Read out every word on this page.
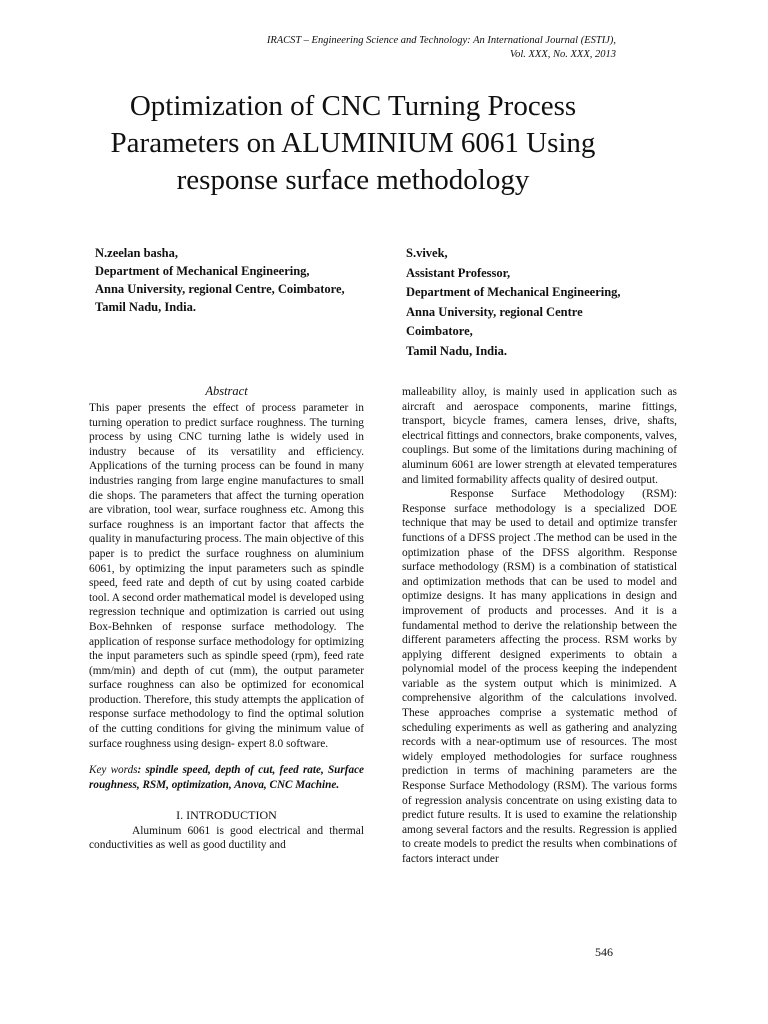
IRACST – Engineering Science and Technology: An International Journal (ESTIJ),
Vol. XXX, No. XXX, 2013
Optimization of CNC Turning Process
Parameters on ALUMINIUM 6061 Using
response surface methodology
N.zeelan basha,
Department of Mechanical Engineering,
Anna University, regional Centre, Coimbatore,
Tamil Nadu, India.
S.vivek,
Assistant Professor,
Department of Mechanical Engineering,
Anna University, regional Centre
Coimbatore,
Tamil Nadu, India.
Abstract

This paper presents the effect of process parameter in turning operation to predict surface roughness. The turning process by using CNC turning lathe is widely used in industry because of its versatility and efficiency. Applications of the turning process can be found in many industries ranging from large engine manufactures to small die shops. The parameters that affect the turning operation are vibration, tool wear, surface roughness etc. Among this surface roughness is an important factor that affects the quality in manufacturing process. The main objective of this paper is to predict the surface roughness on aluminium 6061, by optimizing the input parameters such as spindle speed, feed rate and depth of cut by using coated carbide tool. A second order mathematical model is developed using regression technique and optimization is carried out using Box-Behnken of response surface methodology. The application of response surface methodology for optimizing the input parameters such as spindle speed (rpm), feed rate (mm/min) and depth of cut (mm), the output parameter surface roughness can also be optimized for economical production. Therefore, this study attempts the application of response surface methodology to find the optimal solution of the cutting conditions for giving the minimum value of surface roughness using design- expert 8.0 software.

Key words: spindle speed, depth of cut, feed rate, Surface roughness, RSM, optimization, Anova, CNC Machine.

I. INTRODUCTION

Aluminum 6061 is good electrical and thermal conductivities as well as good ductility and

malleability alloy, is mainly used in application such as aircraft and aerospace components, marine fittings, transport, bicycle frames, camera lenses, drive, shafts, electrical fittings and connectors, brake components, valves, couplings. But some of the limitations during machining of aluminum 6061 are lower strength at elevated temperatures and limited formability affects quality of desired output.

Response Surface Methodology (RSM): Response surface methodology is a specialized DOE technique that may be used to detail and optimize transfer functions of a DFSS project .The method can be used in the optimization phase of the DFSS algorithm. Response surface methodology (RSM) is a combination of statistical and optimization methods that can be used to model and optimize designs. It has many applications in design and improvement of products and processes. And it is a fundamental method to derive the relationship between the different parameters affecting the process. RSM works by applying different designed experiments to obtain a polynomial model of the process keeping the independent variable as the system output which is minimized. A comprehensive algorithm of the calculations involved. These approaches comprise a systematic method of scheduling experiments as well as gathering and analyzing records with a near-optimum use of resources. The most widely employed methodologies for surface roughness prediction in terms of machining parameters are the Response Surface Methodology (RSM). The various forms of regression analysis concentrate on using existing data to predict future results. It is used to examine the relationship among several factors and the results. Regression is applied to create models to predict the results when combinations of factors interact under

546
